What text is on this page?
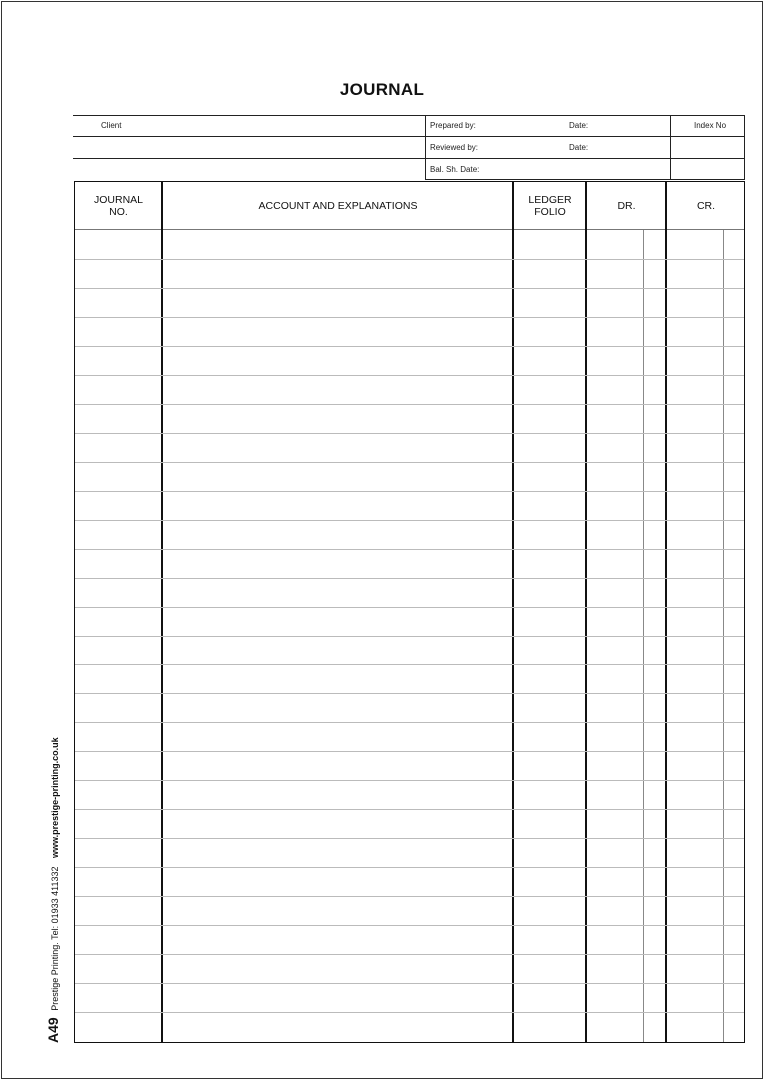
JOURNAL
Client	Prepared by:	Date:	Index No
Reviewed by:	Date:
Bal. Sh. Date:
JOURNAL NO.	ACCOUNT AND EXPLANATIONS	LEDGER FOLIO	DR.	CR.
A49 Prestige Printing. Tel: 01933 411332 www.prestige-printing.co.uk
